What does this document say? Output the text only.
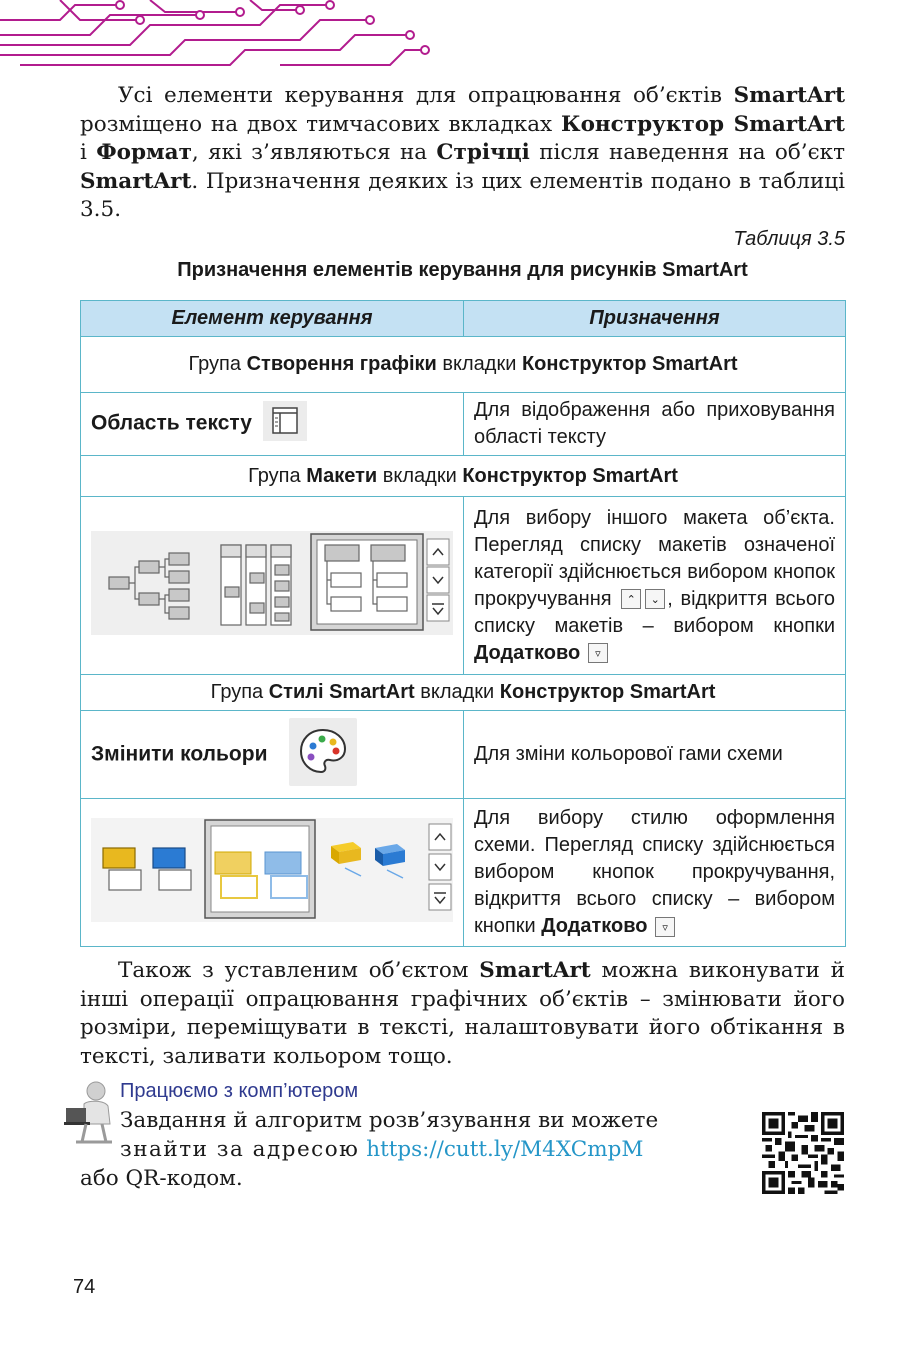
Усі елементи керування для опрацювання об’єктів SmartArt розміщено на двох тимчасових вкладках Конструктор SmartArt і Формат, які з’являються на Стрічці після наведення на об’єкт SmartArt. Призначення деяких із цих елементів подано в таблиці 3.5.

Таблиця 3.5
Призначення елементів керування для рисунків SmartArt
Елемент керування	Призначення
Група Створення графіки вкладки Конструктор SmartArt	
Область тексту	Для відображення або приховування області тексту
Група Макети вкладки Конструктор SmartArt	
	Для вибору іншого макета об’єкта. Перегляд списку макетів означеної категорії здійснюється вибором кнопок прокручування ⌃ ⌄ , відкриття всього списку макетів – вибором кнопки Додатково ▿
Група Стилі SmartArt вкладки Конструктор SmartArt	
Змінити кольори	Для зміни кольорової гами схеми
	Для вибору стилю оформлення схеми. Перегляд списку здійснюється вибором кнопок прокручування, відкриття всього списку – вибором кнопки Додатково ▿

Також з уставленим об’єктом SmartArt можна виконувати й інші операції опрацювання графічних об’єктів – змінювати його розміри, переміщувати в тексті, налаштовувати його обтікання в тексті, заливати кольором тощо.

Працюємо з комп’ютером

Завдання й алгоритм розв’язування ви можете

знайти за адресою https://cutt.ly/M4XCmpM

або QR-кодом.

74
